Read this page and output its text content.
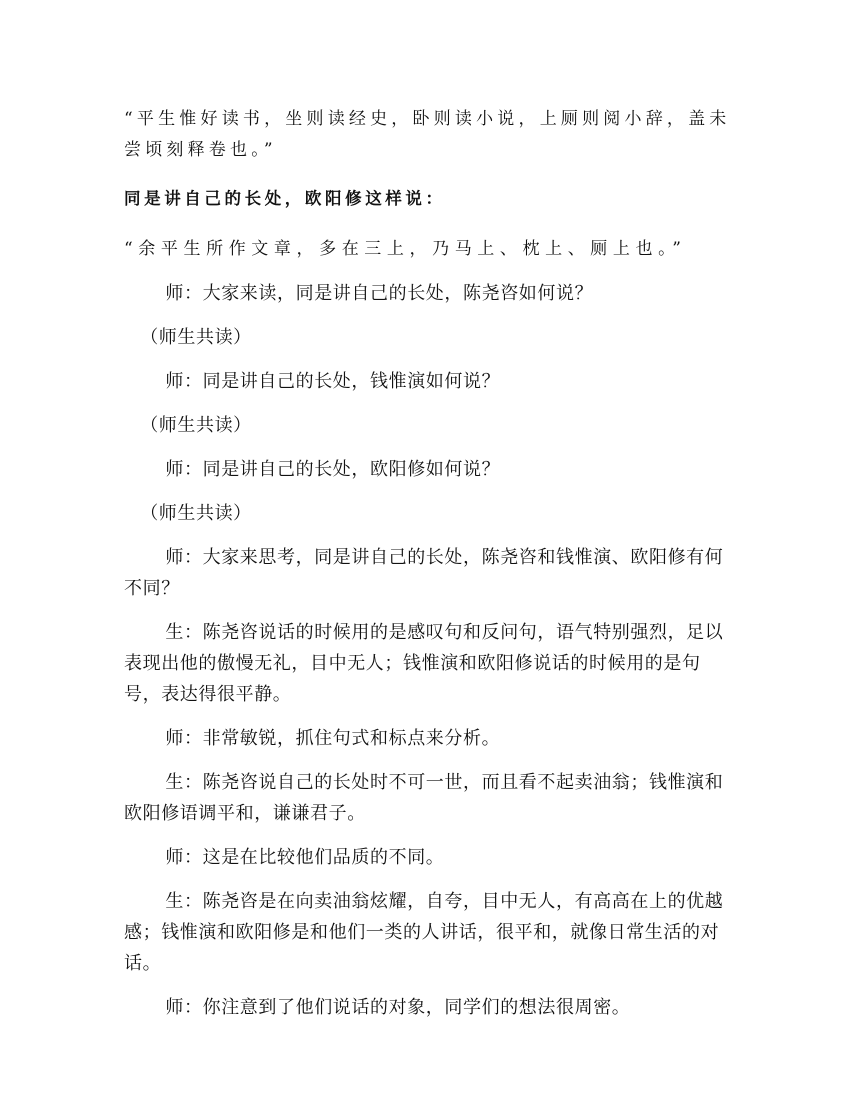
“平生惟好读书，坐则读经史，卧则读小说，上厕则阅小辞，盖未尝顷刻释卷也。”

同是讲自己的长处，欧阳修这样说：

“余平生所作文章，多在三上，乃马上、枕上、厕上也。”

师：大家来读，同是讲自己的长处，陈尧咨如何说？

（师生共读）

师：同是讲自己的长处，钱惟演如何说？

（师生共读）

师：同是讲自己的长处，欧阳修如何说？

（师生共读）

师：大家来思考，同是讲自己的长处，陈尧咨和钱惟演、欧阳修有何不同？

生：陈尧咨说话的时候用的是感叹句和反问句，语气特别强烈，足以表现出他的傲慢无礼，目中无人；钱惟演和欧阳修说话的时候用的是句号，表达得很平静。

师：非常敏锐，抓住句式和标点来分析。

生：陈尧咨说自己的长处时不可一世，而且看不起卖油翁；钱惟演和欧阳修语调平和，谦谦君子。

师：这是在比较他们品质的不同。

生：陈尧咨是在向卖油翁炫耀，自夸，目中无人，有高高在上的优越感；钱惟演和欧阳修是和他们一类的人讲话，很平和，就像日常生活的对话。

师：你注意到了他们说话的对象，同学们的想法很周密。
